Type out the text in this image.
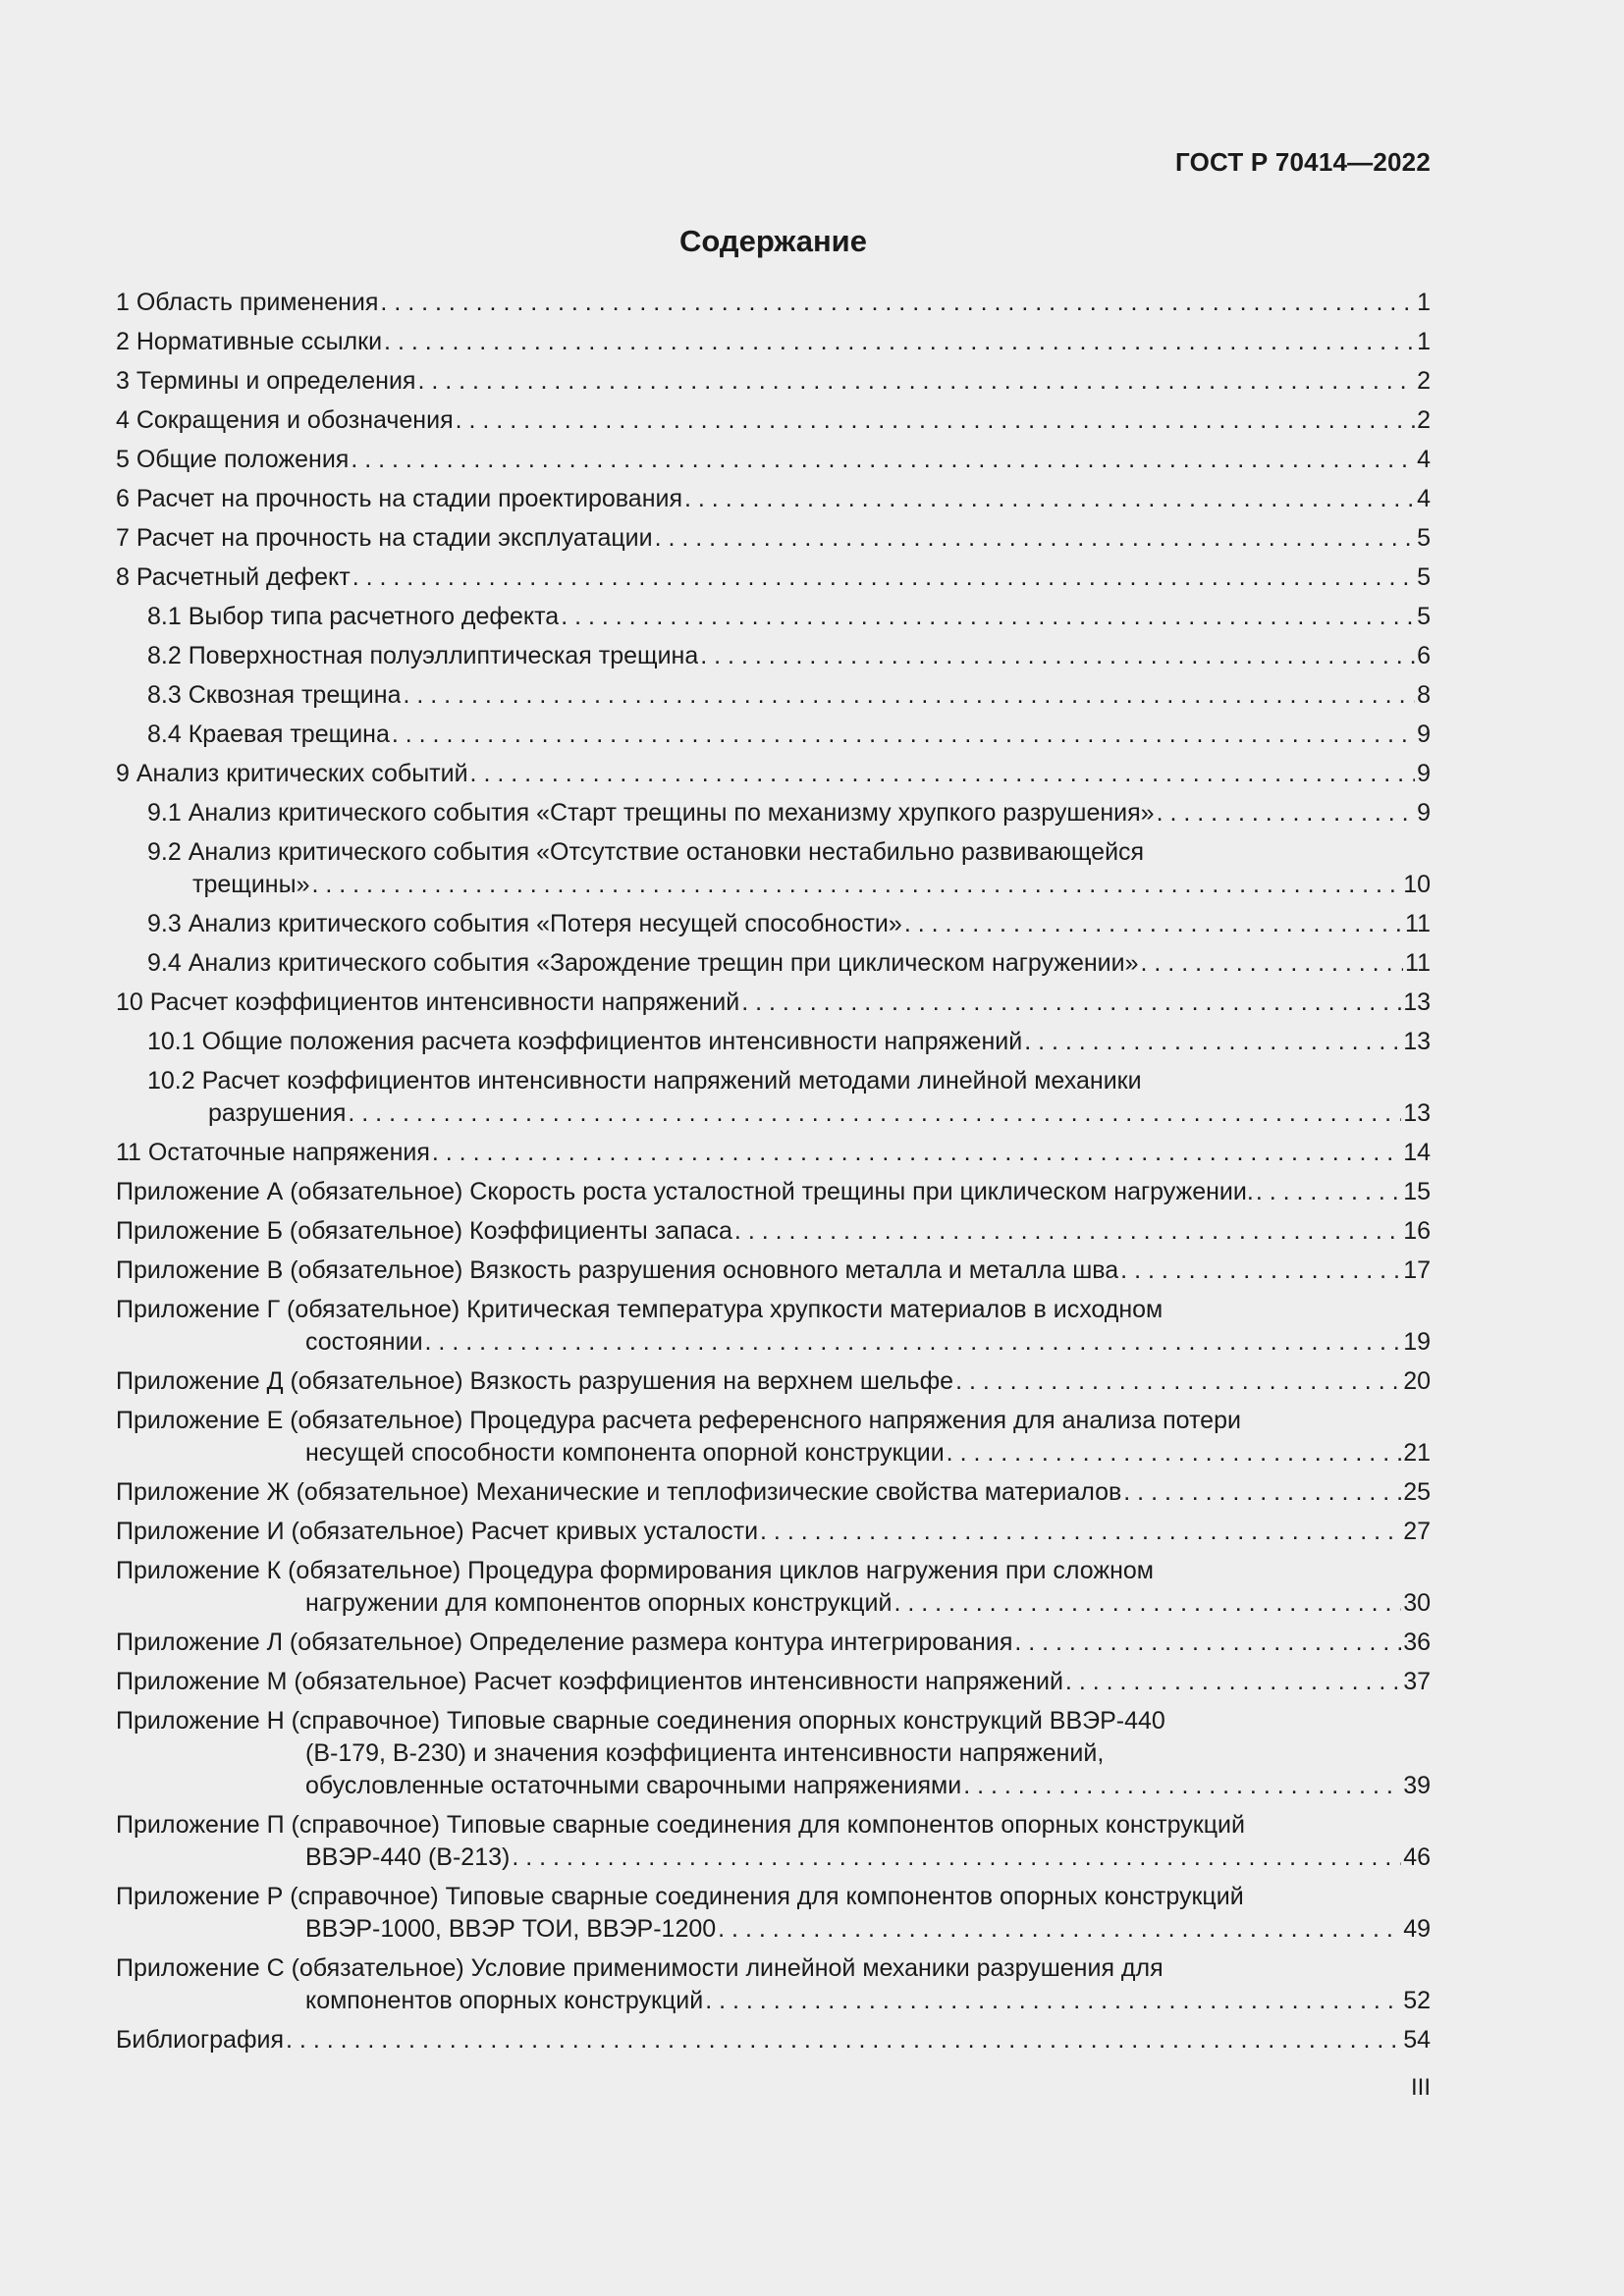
ГОСТ Р 70414—2022
Содержание
1 Область применения . . .	1
2 Нормативные ссылки . . .	1
3 Термины и определения . . .	2
4 Сокращения и обозначения . . .	2
5 Общие положения . . .	4
6 Расчет на прочность на стадии проектирования . . .	4
7 Расчет на прочность на стадии эксплуатации . . .	5
8 Расчетный дефект . . .	5
8.1 Выбор типа расчетного дефекта . . .	5
8.2 Поверхностная полуэллиптическая трещина . . .	6
8.3 Сквозная трещина . . .	8
8.4 Краевая трещина . . .	9
9 Анализ критических событий . . .	9
9.1 Анализ критического события «Старт трещины по механизму хрупкого разрушения» . . .	9
9.2 Анализ критического события «Отсутствие остановки нестабильно развивающейся
трещины» . . .	10
9.3 Анализ критического события «Потеря несущей способности» . . .	11
9.4 Анализ критического события «Зарождение трещин при циклическом нагружении» . . .	11
10 Расчет коэффициентов интенсивности напряжений . . .	13
10.1 Общие положения расчета коэффициентов интенсивности напряжений . . .	13
10.2 Расчет коэффициентов интенсивности напряжений методами линейной механики
разрушения . . .	13
11 Остаточные напряжения . . .	14
Приложение А (обязательное) Скорость роста усталостной трещины при циклическом нагружении. . . .	15
Приложение Б (обязательное) Коэффициенты запаса . . .	16
Приложение В (обязательное) Вязкость разрушения основного металла и металла шва . . .	17
Приложение Г (обязательное) Критическая температура хрупкости материалов в исходном
состоянии . . .	19
Приложение Д (обязательное) Вязкость разрушения на верхнем шельфе . . .	20
Приложение Е (обязательное) Процедура расчета референсного напряжения для анализа потери
несущей способности компонента опорной конструкции . . .	21
Приложение Ж (обязательное) Механические и теплофизические свойства материалов . . .	25
Приложение И (обязательное) Расчет кривых усталости . . .	27
Приложение К (обязательное) Процедура формирования циклов нагружения при сложном
нагружении для компонентов опорных конструкций . . .	30
Приложение Л (обязательное) Определение размера контура интегрирования . . .	36
Приложение М (обязательное) Расчет коэффициентов интенсивности напряжений . . .	37
Приложение Н (справочное) Типовые сварные соединения опорных конструкций ВВЭР-440
(В-179, В-230) и значения коэффициента интенсивности напряжений,
обусловленные остаточными сварочными напряжениями . . .	39
Приложение П (справочное) Типовые сварные соединения для компонентов опорных конструкций
ВВЭР-440 (В-213) . . .	46
Приложение Р (справочное) Типовые сварные соединения для компонентов опорных конструкций
ВВЭР-1000, ВВЭР ТОИ, ВВЭР-1200 . . .	49
Приложение С (обязательное) Условие применимости линейной механики разрушения для
компонентов опорных конструкций . . .	52
Библиография . . .	54
III
